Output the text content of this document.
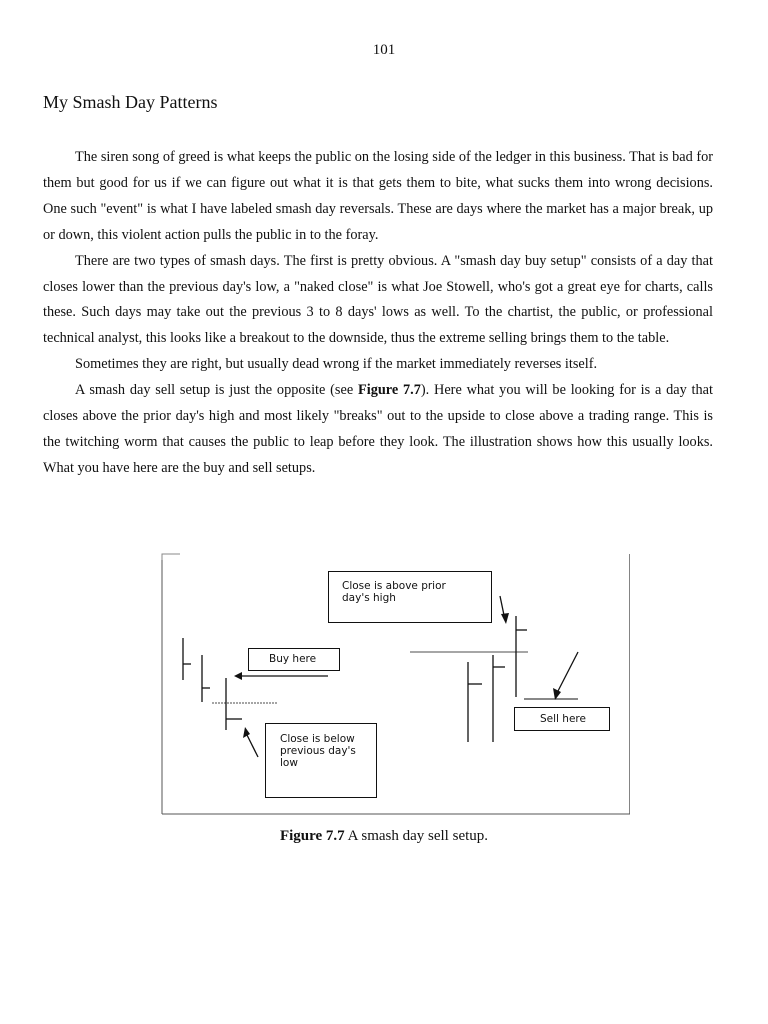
101
My Smash Day Patterns

The siren song of greed is what keeps the public on the losing side of the ledger in this business. That is bad for them but good for us if we can figure out what it is that gets them to bite, what sucks them into wrong decisions. One such "event" is what I have labeled smash day reversals. These are days where the market has a major break, up or down, this violent action pulls the public in to the foray.

There are two types of smash days. The first is pretty obvious. A "smash day buy setup" consists of a day that closes lower than the previous day's low, a "naked close" is what Joe Stowell, who's got a great eye for charts, calls these. Such days may take out the previous 3 to 8 days' lows as well. To the chartist, the public, or professional technical analyst, this looks like a breakout to the downside, thus the extreme selling brings them to the table.

Sometimes they are right, but usually dead wrong if the market immediately reverses itself.

A smash day sell setup is just the opposite (see Figure 7.7). Here what you will be looking for is a day that closes above the prior day's high and most likely "breaks" out to the upside to close above a trading range. This is the twitching worm that causes the public to leap before they look. The illustration shows how this usually looks. What you have here are the buy and sell setups.

Close is above prior
day's high
Buy here
Close is below
previous day's
low
Sell here
Figure 7.7 A smash day sell setup.
